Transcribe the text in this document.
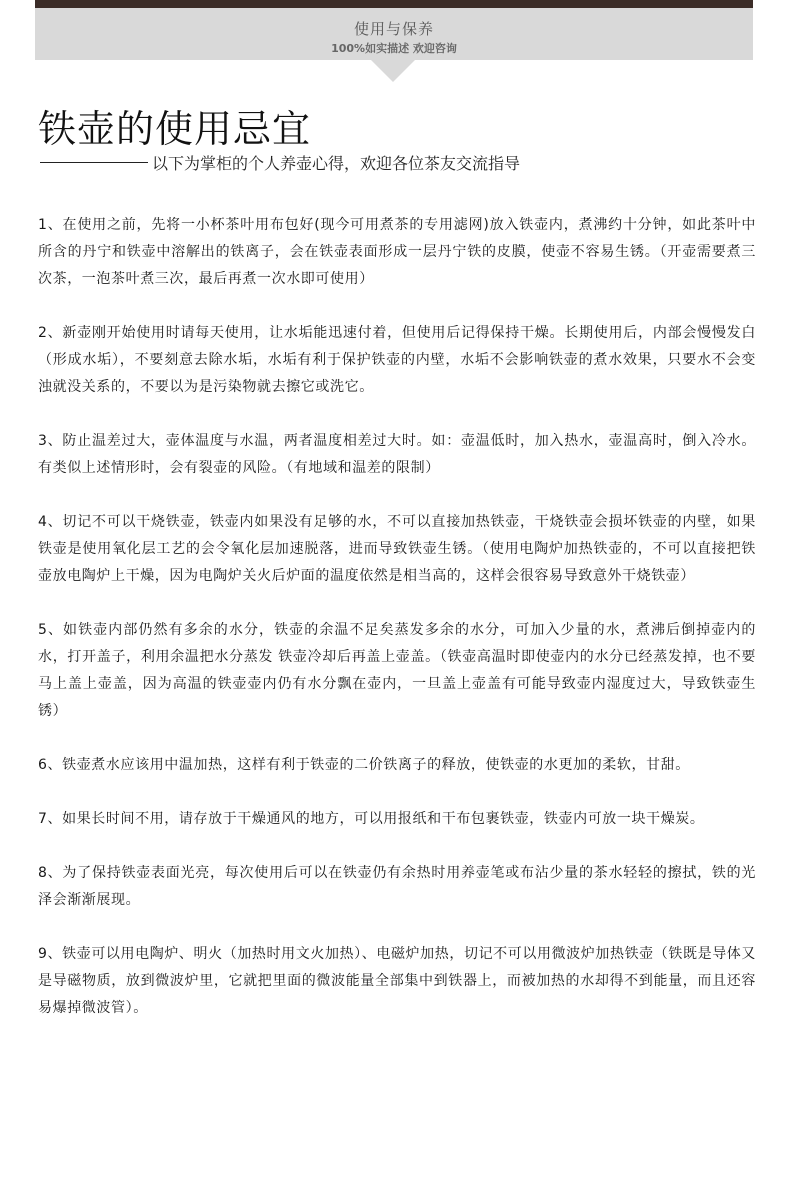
使用与保养
100%如实描述 欢迎咨询
铁壶的使用忌宜
以下为掌柜的个人养壶心得，欢迎各位茶友交流指导

1、在使用之前，先将一小杯茶叶用布包好(现今可用煮茶的专用滤网)放入铁壶内，煮沸约十分钟，如此茶叶中所含的丹宁和铁壶中溶解出的铁离子，会在铁壶表面形成一层丹宁铁的皮膜，使壶不容易生锈。（开壶需要煮三次茶，一泡茶叶煮三次，最后再煮一次水即可使用）

2、新壶刚开始使用时请每天使用，让水垢能迅速付着，但使用后记得保持干燥。长期使用后，内部会慢慢发白（形成水垢），不要刻意去除水垢，水垢有利于保护铁壶的内壁，水垢不会影响铁壶的煮水效果，只要水不会变浊就没关系的，不要以为是污染物就去擦它或洗它。

3、防止温差过大，壶体温度与水温，两者温度相差过大时。如：壶温低时，加入热水，壶温高时，倒入冷水。有类似上述情形时，会有裂壶的风险。（有地域和温差的限制）

4、切记不可以干烧铁壶，铁壶内如果没有足够的水，不可以直接加热铁壶，干烧铁壶会损坏铁壶的内壁，如果铁壶是使用氧化层工艺的会令氧化层加速脱落，进而导致铁壶生锈。（使用电陶炉加热铁壶的，不可以直接把铁壶放电陶炉上干燥，因为电陶炉关火后炉面的温度依然是相当高的，这样会很容易导致意外干烧铁壶）

5、如铁壶内部仍然有多余的水分，铁壶的余温不足矣蒸发多余的水分，可加入少量的水，煮沸后倒掉壶内的水，打开盖子，利用余温把水分蒸发 铁壶冷却后再盖上壶盖。（铁壶高温时即使壶内的水分已经蒸发掉，也不要马上盖上壶盖，因为高温的铁壶壶内仍有水分飘在壶内，一旦盖上壶盖有可能导致壶内湿度过大，导致铁壶生锈）

6、铁壶煮水应该用中温加热，这样有利于铁壶的二价铁离子的释放，使铁壶的水更加的柔软，甘甜。

7、如果长时间不用，请存放于干燥通风的地方，可以用报纸和干布包裹铁壶，铁壶内可放一块干燥炭。

8、为了保持铁壶表面光亮，每次使用后可以在铁壶仍有余热时用养壶笔或布沾少量的茶水轻轻的擦拭，铁的光泽会渐渐展现。

9、铁壶可以用电陶炉、明火（加热时用文火加热）、电磁炉加热，切记不可以用微波炉加热铁壶（铁既是导体又是导磁物质，放到微波炉里，它就把里面的微波能量全部集中到铁器上，而被加热的水却得不到能量，而且还容易爆掉微波管）。
